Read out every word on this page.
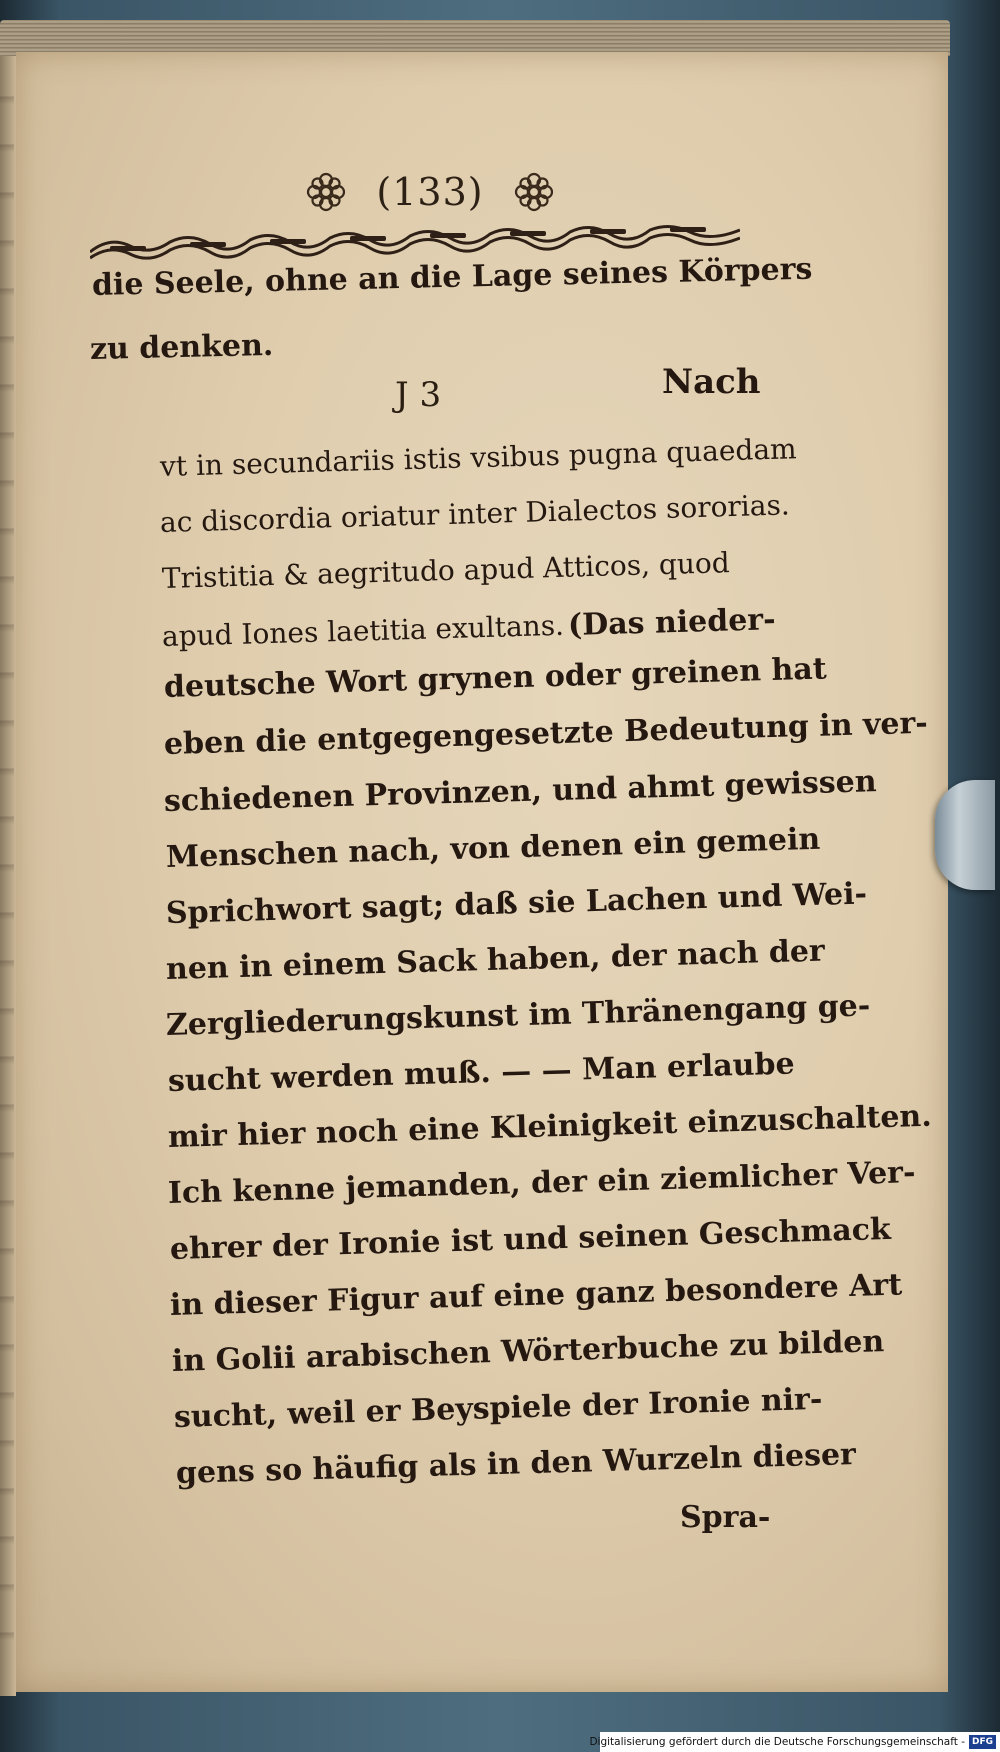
(133)
die Seele, ohne an die Lage seines Körpers
zu denken.
J 3	Nach
vt in secundariis istis vsibus pugna quaedam
ac discordia oriatur inter Dialectos sororias.
Tristitia & aegritudo apud Atticos, quod
apud Iones laetitia exultans. (Das nieder-
deutsche Wort grynen oder greinen hat
eben die entgegengesetzte Bedeutung in ver-
schiedenen Provinzen, und ahmt gewissen
Menschen nach, von denen ein gemein
Sprichwort sagt; daß sie Lachen und Wei-
nen in einem Sack haben, der nach der
Zergliederungskunst im Thränengang ge-
sucht werden muß. — — Man erlaube
mir hier noch eine Kleinigkeit einzuschalten.
Ich kenne jemanden, der ein ziemlicher Ver-
ehrer der Ironie ist und seinen Geschmack
in dieser Figur auf eine ganz besondere Art
in Golii arabischen Wörterbuche zu bilden
sucht, weil er Beyspiele der Ironie nir-
gens so häufig als in den Wurzeln dieser
Spra-
Digitalisierung gefördert durch die Deutsche Forschungsgemeinschaft - DFG
